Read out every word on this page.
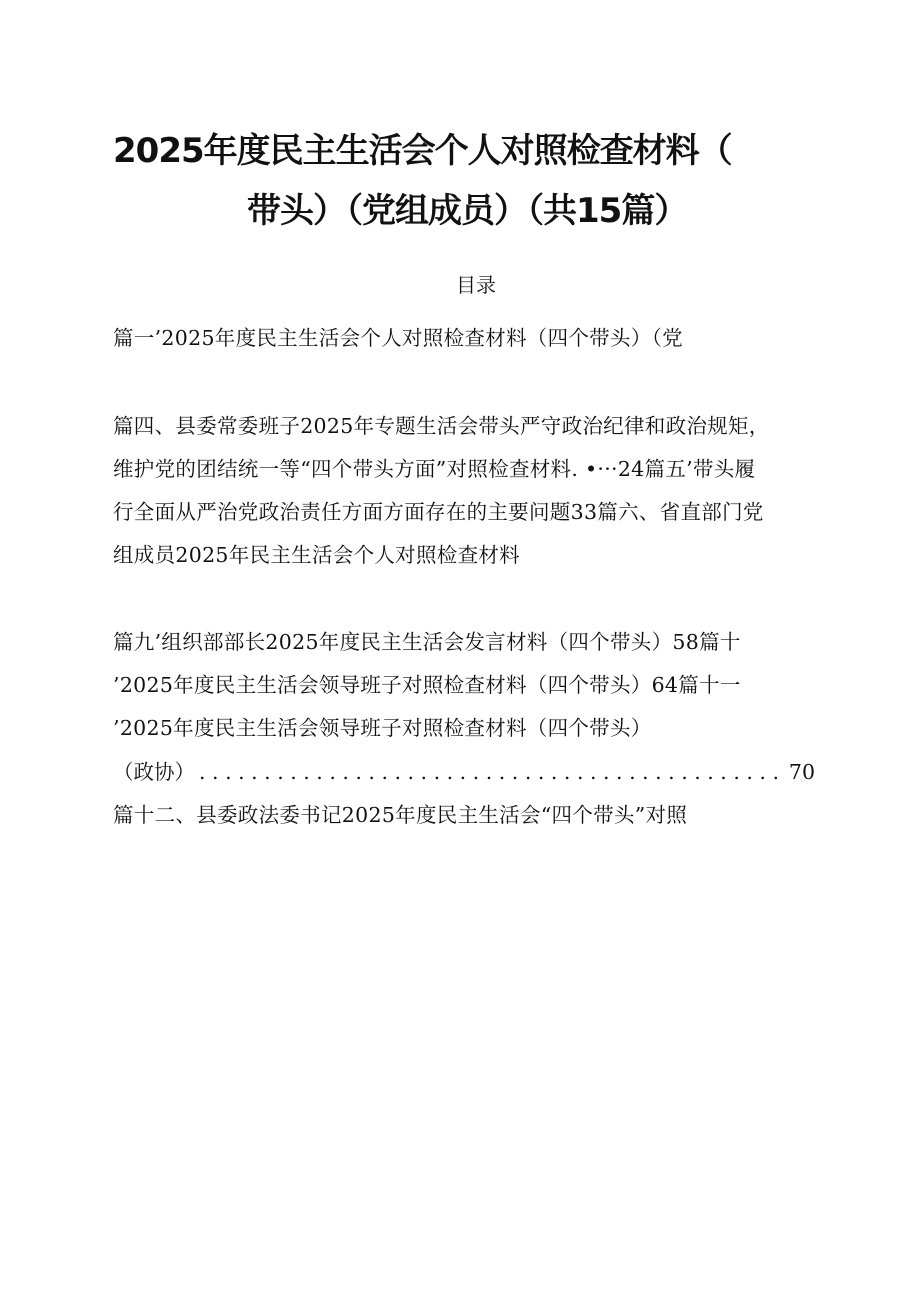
2025年度民主生活会个人对照检查材料（
带头）（党组成员）（共15篇）
目录
篇一’2025年度民主生活会个人对照检查材料（四个带头）（党
篇四、县委常委班子2025年专题生活会带头严守政治纪律和政治规矩，
维护党的团结统一等“四个带头方面”对照检查材料. •···24篇五’带头履
行全面从严治党政治责任方面方面存在的主要问题33篇六、省直部门党
组成员2025年民主生活会个人对照检查材料
篇九’组织部部长2025年度民主生活会发言材料（四个带头）58篇十
’2025年度民主生活会领导班子对照检查材料（四个带头）64篇十一
’2025年度民主生活会领导班子对照检查材料（四个带头）
（政协）
. . .	70
篇十二、县委政法委书记2025年度民主生活会“四个带头”对照
